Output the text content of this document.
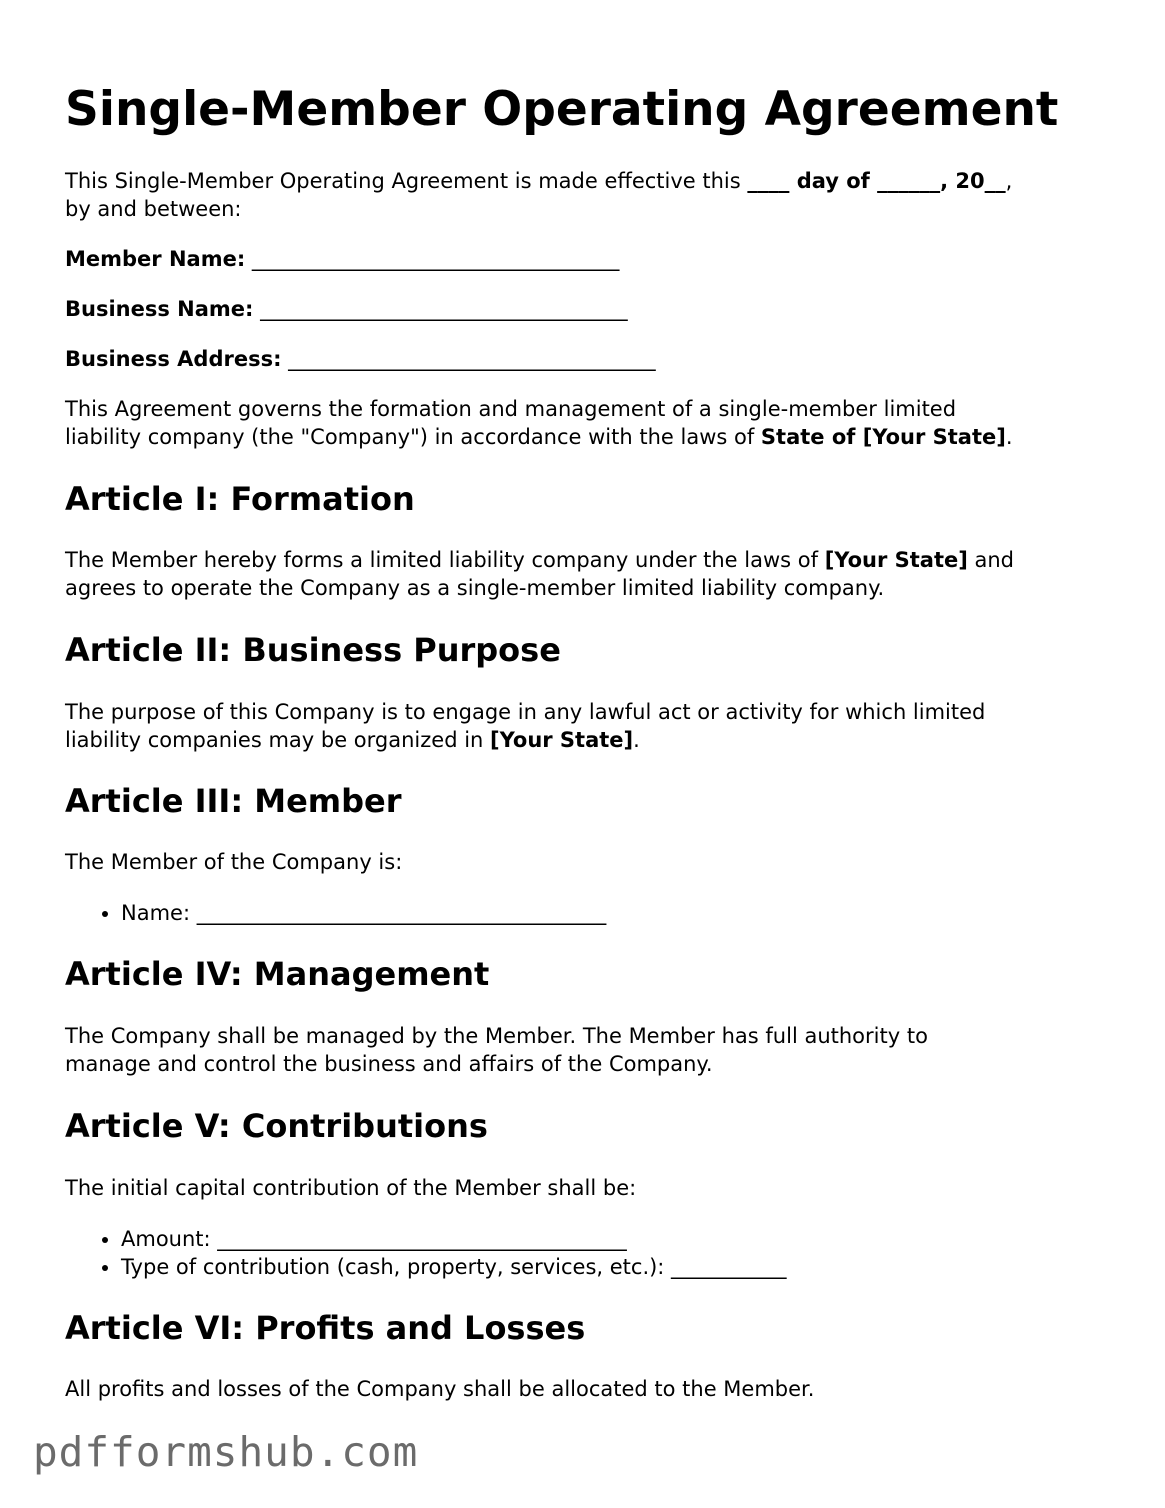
Single-Member Operating Agreement
This Single-Member Operating Agreement is made effective this ____ day of ______, 20__,
by and between:
Member Name: ___________________________________
Business Name: ___________________________________
Business Address: ___________________________________
This Agreement governs the formation and management of a single-member limited
liability company (the "Company") in accordance with the laws of State of [Your State].
Article I: Formation
The Member hereby forms a limited liability company under the laws of [Your State] and
agrees to operate the Company as a single-member limited liability company.
Article II: Business Purpose
The purpose of this Company is to engage in any lawful act or activity for which limited
liability companies may be organized in [Your State].
Article III: Member
The Member of the Company is:
• Name: _______________________________________
Article IV: Management
The Company shall be managed by the Member. The Member has full authority to
manage and control the business and affairs of the Company.
Article V: Contributions
The initial capital contribution of the Member shall be:
• Amount: _______________________________________
• Type of contribution (cash, property, services, etc.): ___________
Article VI: Profits and Losses
All profits and losses of the Company shall be allocated to the Member.
pdfformshub.com
